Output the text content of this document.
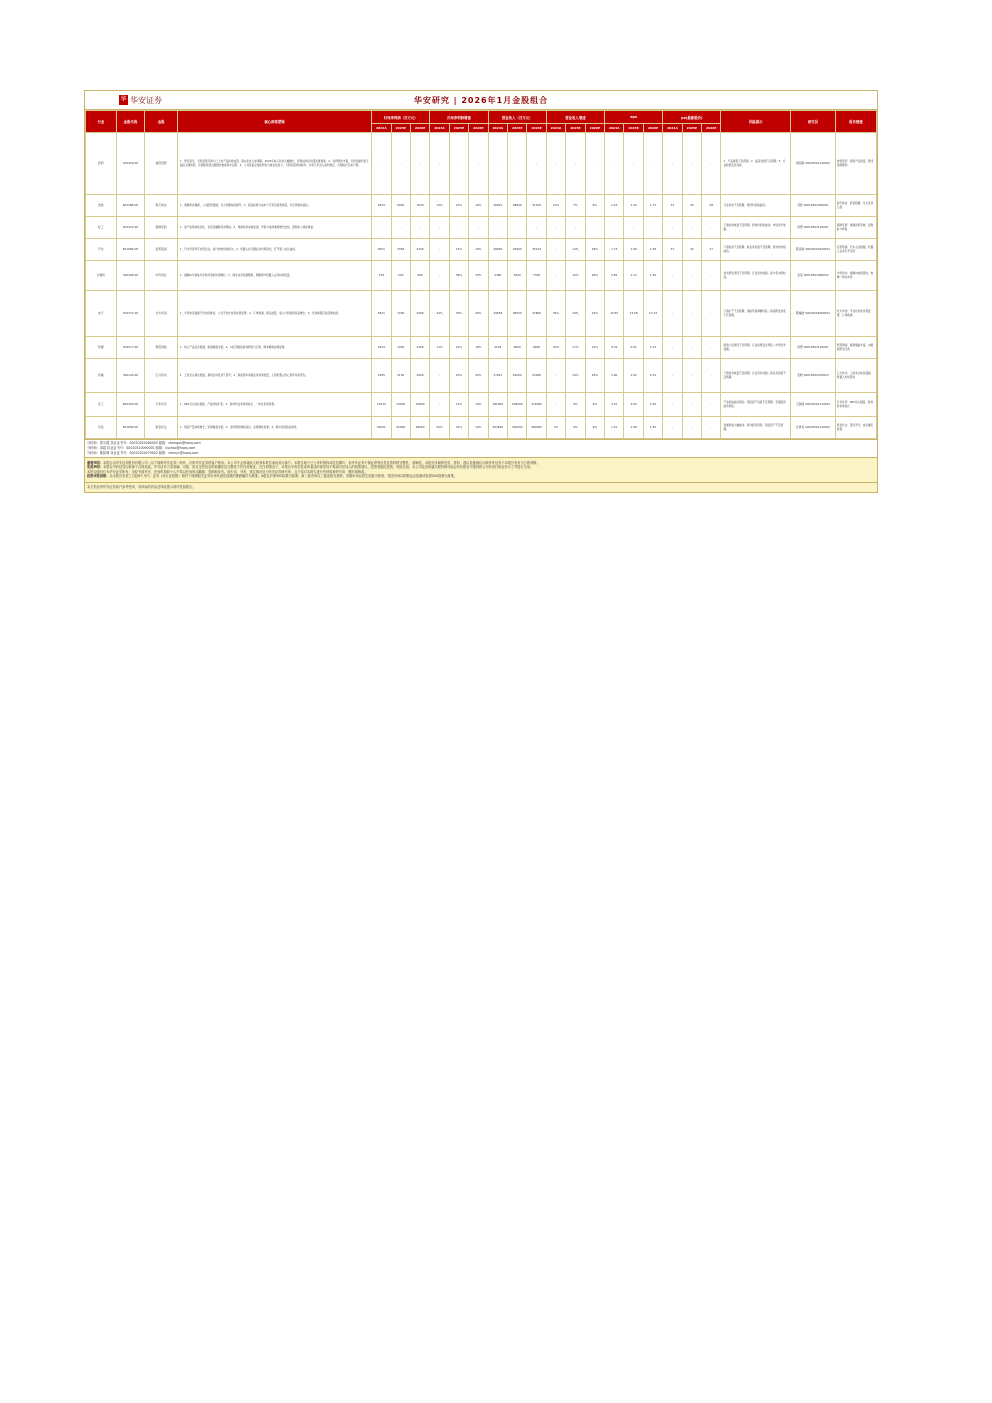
华 华安证券	华安研究 | 2026年1月金股组合
行业	金股代码	金股	核心推荐逻辑	归母净利润（百万元）			归母净利润增速			营业收入（百万元）			营业收入增速			eps			pe(最新股价)			风险提示	研究员	报告链接
				2024A	2025E	2026E	2024A	2025E	2026E	2024A	2025E	2026E	2024A	2025E	2026E	2024A	2025E	2026E	2024A	2025E	2026E			
医药	301459.SZ	迪哲医药	1、舒沃替尼、戈利昔替尼两大已上市产品持续放量，商业化进入加速期。2025年收入同比大幅增长，医保谈判后放量显著提速。2、在研管线丰富，多款创新药处于临床关键阶段，有望陆续读出数据并推进海外注册。3、公司具备全球化研发与商业化能力，亏损有望持续收窄，未来几年进入盈利拐点，长期成长空间广阔。	-	-	-	-	-	-	-	-	-	-	-	-	-	-	-	-	-	-	1、产品销售不及预期；2、临床进展不及预期；3、行业政策变化风险。	谭国超 S0010521120002	迪哲医药：两款产品放量，管线进展顺利
食饮	603288.SH	海天味业	1、渠道库存健康，公司经营稳健，龙头份额持续提升；2、新品拓展与成本下行带动盈利改善，分红率维持高位。	6344	6950	7630	12%	10%	10%	26901	28800	31100	10%	7%	8%	1.14	1.25	1.37	33	30	28	行业需求不及预期；原材料价格波动。	邓欣 S0010522060001	海天味业：经营稳健，龙头优势凸显
轻工	001322.SZ	箭牌家居	1、地产政策持续优化，存量房翻新需求释放；2、渠道改革成效显现，零售与电商渠道增长较快，盈利能力逐步修复。	-	-	-	-	-	-	-	-	-	-	-	-	-	-	-	-	-	-	下游需求恢复不及预期；原材料价格波动；市场竞争加剧。	徐偲 S0010523120001	箭牌家居：渠道改革见效，盈利能力修复
汽车	601689.SH	拓普集团	1、汽车零部件平台型企业，客户结构持续优化；2、机器人执行器业务布局领先，打开第二成长曲线。	3001	3456	4100	-	15%	19%	26600	29900	35414	-	12%	18%	1.73	1.99	2.36	37	32	27	下游需求不及预期；新业务拓展不及预期；原材料价格波动。	陈佳敏 S0010524020001	拓普集团：汽车主业稳健，机器人业务打开空间
计算机	300496.SZ	中科创达	1、端侧AI与智能汽车软件需求快速增长；2、海外业务拓展顺利，物联网与机器人业务持续放量。	378	520	690	-	38%	33%	5380	6200	7300	-	15%	18%	0.82	1.13	1.50	-	-	-	技术研发进度不及预期；行业竞争加剧；客户集中度较高。	金荣 S0010521080002	中科创达：端侧AI加速落地，软硬一体化布局
电子	002371.SZ	北方华创	1、半导体设备国产化持续推进，公司平台化布局优势显著；2、订单饱满，新品放量，收入与利润保持高增长；3、先进制程设备突破加速。	5621	7290	9180	44%	30%	26%	29838	38500	47800	35%	29%	24%	10.55	13.68	17.23	-	-	-	下游扩产不及预期；国际贸易摩擦风险；新品研发进度不及预期。	陈耀波 S0010523060001	北方华创：平台化布局优势显著，订单饱满
传媒	002517.SZ	恺英网络	1、核心产品流水稳健，新游储备丰富；2、AI应用赋能游戏研发与运营，降本增效成效显著。	1634	1950	2300	11%	19%	18%	5118	6000	6900	20%	17%	15%	0.76	0.91	1.07	-	-	-	新游上线进度不及预期；行业政策变化风险；市场竞争加剧。	徐偲 S0010523120001	恺英网络：新游储备丰富，AI赋能研发运营
机械	300124.SZ	汇川技术	1、工控龙头地位稳固，通用自动化景气回升；2、新能源车电驱业务快速放量，人形机器人核心部件布局领先。	4285	5150	6200	-	20%	20%	37041	44000	52000	-	19%	18%	1.60	1.92	2.31	-	-	-	下游需求恢复不及预期；行业竞争加剧；新业务拓展不及预期。	张帆 S0010522070003	汇川技术：工控龙头地位稳固，机器人布局领先
化工	600309.SH	万华化学	1、MDI龙头地位稳固，产能持续扩张；2、新材料业务快速成长，一体化优势显著。	13033	14500	16800	-	11%	16%	182069	198000	215000	-	9%	9%	4.15	4.62	5.35	-	-	-	产品价格波动风险；项目投产进度不及预期；宏观经济波动风险。	王强峰 S0010522110001	万华化学：MDI龙头稳固，新材料快速成长
有色	601899.SH	紫金矿业	1、铜金产量持续增长，资源储备丰富；2、金价铜价维持高位，业绩弹性显著；3、海外项目稳步推进。	32051	42000	48000	52%	31%	14%	303640	330000	360000	3%	9%	9%	1.21	1.58	1.81	-	-	-	金属价格大幅波动；海外经营风险；项目投产不及预期。	许勇其 S0010522110002	紫金矿业：量价齐升，成长确定性强
分析师：郑小霞 执业证书号：S0010520080003 邮箱：zhengxx@hazq.com
分析师：刘超 执业证书号：S0010520090001 邮箱：liuchao@hazq.com
分析师：陈韵骋 执业证书号：S0010524070002 邮箱：chenyc@hazq.com

重要声明：本报告由华安证券股份有限公司（以下简称华安证券）制作，仅供华安证券的客户使用。本公司不会因接收人收到本报告而视其为客户。本报告基于已公开的资料或信息撰写，但华安证券不保证该等信息及资料的完整性、准确性。本报告所载的信息、资料、建议及推测仅反映华安证券于本报告发布当日的判断。

免责声明：本报告中的信息均来源于合规渠道，华安证券力求准确、可靠，但对这些信息的准确性及完整性不作任何保证。在任何情况下，本报告中的信息或所表述的意见均不构成对任何人的投资建议，投资者据此投资，风险自担。本公司及其所属关联机构可能会持有报告中提到的公司所发行的证券头寸并进行交易。

本报告版权仅为华安证券所有，未经书面许可，任何机构和个人不得以任何形式翻版、复制和发布。如引用、刊发，需注明出处为华安证券研究所，且不得对本报告进行有悖原意的引用、删节和修改。

投资评级说明：以本报告发布之日起6个月内，证券（或行业指数）相对于同期相关证券市场代表性指数的涨跌幅作为基准。A股以沪深300指数为基准；新三板市场以三板成指为基准；香港市场以恒生指数为基准；美国市场以纳斯达克指数或标普500指数为基准。

本文档仅供华安证券客户参考使用，具体标的内容及风险提示请详见原报告。
